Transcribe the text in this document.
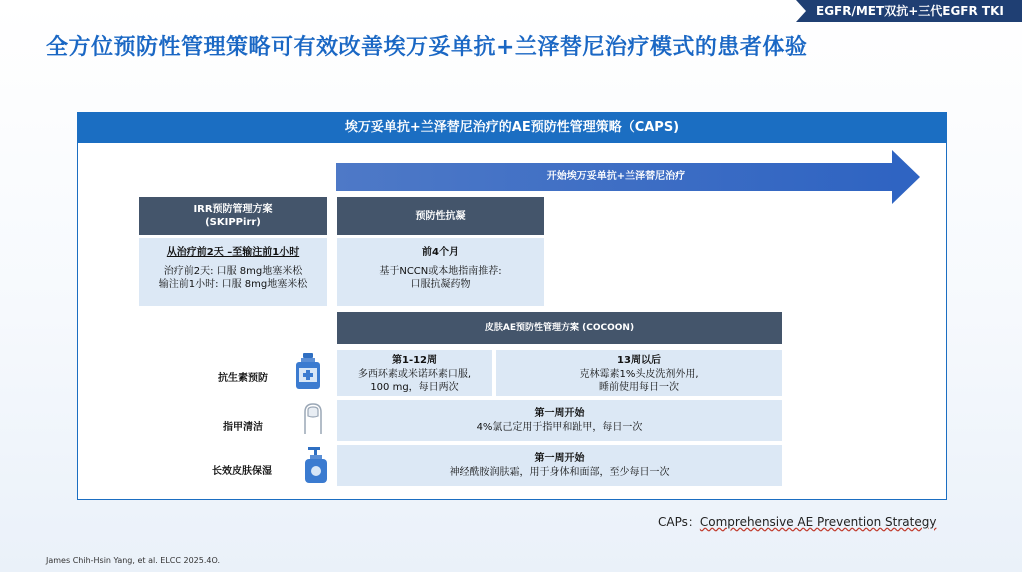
EGFR/MET双抗+三代EGFR TKI
全方位预防性管理策略可有效改善埃万妥单抗+兰泽替尼治疗模式的患者体验
埃万妥单抗+兰泽替尼治疗的AE预防性管理策略（CAPS)
开始埃万妥单抗+兰泽替尼治疗
IRR预防管理方案 (SKIPPirr)
从治疗前2天 –至输注前1小时
治疗前2天: 口服 8mg地塞米松
输注前1小时: 口服 8mg地塞米松
预防性抗凝
前4个月
基于NCCN或本地指南推荐:
口服抗凝药物
皮肤AE预防性管理方案 (COCOON)
抗生素预防
第1-12周
多西环素或米诺环素口服,
100 mg，每日两次
13周以后
克林霉素1%头皮洗剂外用,
睡前使用每日一次
指甲清洁
第一周开始
4%氯己定用于指甲和趾甲，每日一次
长效皮肤保湿
第一周开始
神经酰胺润肤霜，用于身体和面部，至少每日一次
CAPs：Comprehensive AE Prevention Strategy
James Chih-Hsin Yang, et al. ELCC 2025.4O.
